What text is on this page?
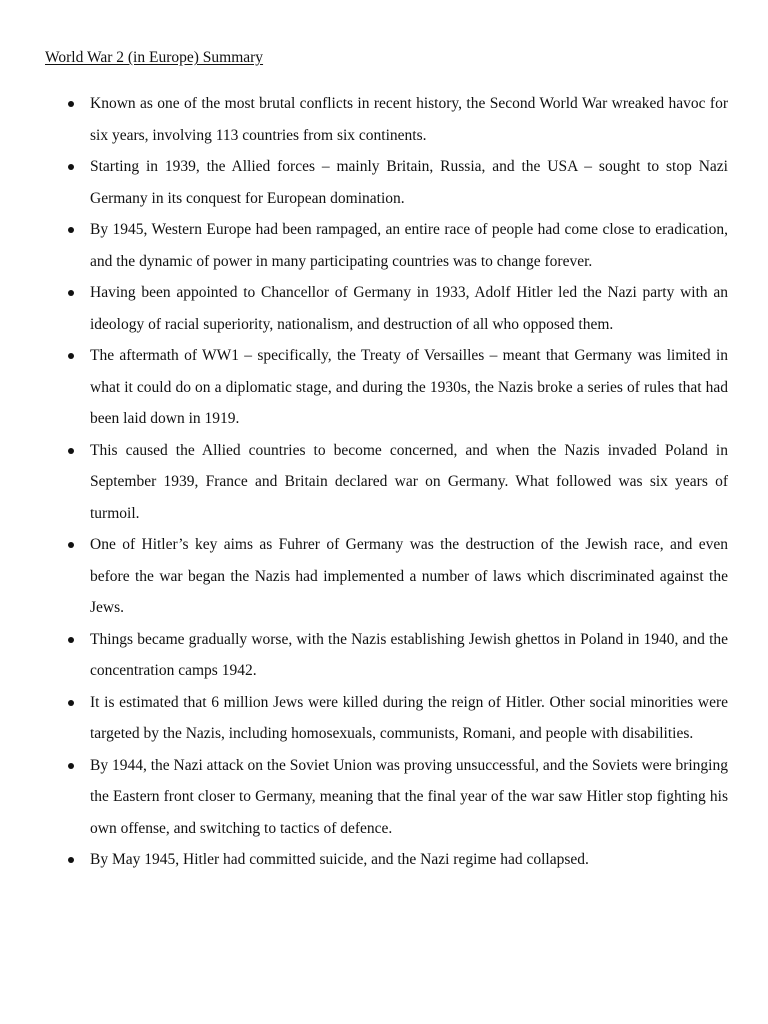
World War 2 (in Europe) Summary
Known as one of the most brutal conflicts in recent history, the Second World War wreaked havoc for six years, involving 113 countries from six continents.
Starting in 1939, the Allied forces – mainly Britain, Russia, and the USA – sought to stop Nazi Germany in its conquest for European domination.
By 1945, Western Europe had been rampaged, an entire race of people had come close to eradication, and the dynamic of power in many participating countries was to change forever.
Having been appointed to Chancellor of Germany in 1933, Adolf Hitler led the Nazi party with an ideology of racial superiority, nationalism, and destruction of all who opposed them.
The aftermath of WW1 – specifically, the Treaty of Versailles – meant that Germany was limited in what it could do on a diplomatic stage, and during the 1930s, the Nazis broke a series of rules that had been laid down in 1919.
This caused the Allied countries to become concerned, and when the Nazis invaded Poland in September 1939, France and Britain declared war on Germany. What followed was six years of turmoil.
One of Hitler’s key aims as Fuhrer of Germany was the destruction of the Jewish race, and even before the war began the Nazis had implemented a number of laws which discriminated against the Jews.
Things became gradually worse, with the Nazis establishing Jewish ghettos in Poland in 1940, and the concentration camps 1942.
It is estimated that 6 million Jews were killed during the reign of Hitler. Other social minorities were targeted by the Nazis, including homosexuals, communists, Romani, and people with disabilities.
By 1944, the Nazi attack on the Soviet Union was proving unsuccessful, and the Soviets were bringing the Eastern front closer to Germany, meaning that the final year of the war saw Hitler stop fighting his own offense, and switching to tactics of defence.
By May 1945, Hitler had committed suicide, and the Nazi regime had collapsed.
